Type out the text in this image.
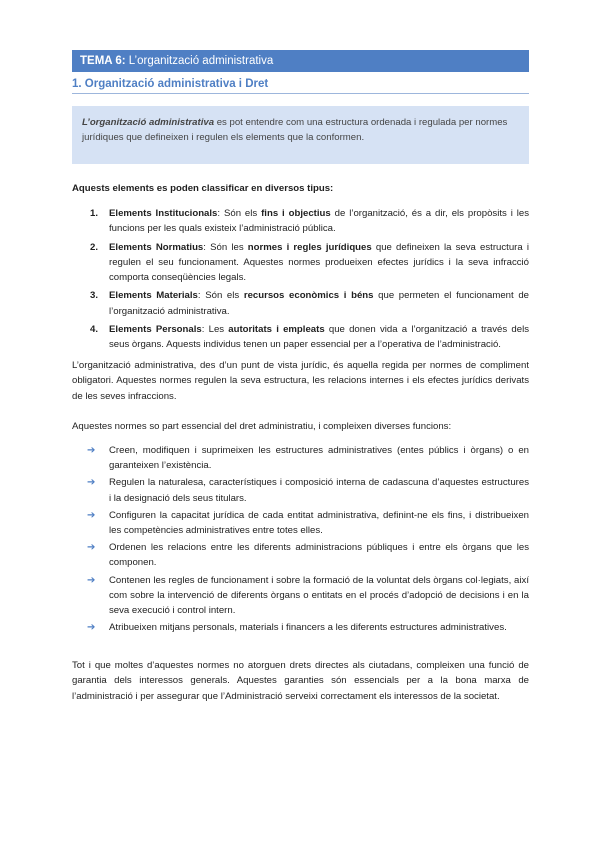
TEMA 6: L’organització administrativa
1. Organització administrativa i Dret
L’organització administrativa es pot entendre com una estructura ordenada i regulada per normes jurídiques que defineixen i regulen els elements que la conformen.
Aquests elements es poden classificar en diversos tipus:
1. Elements Institucionals: Són els fins i objectius de l’organització, és a dir, els propòsits i les funcions per les quals existeix l’administració pública.
2. Elements Normatius: Són les normes i regles jurídiques que defineixen la seva estructura i regulen el seu funcionament. Aquestes normes produeixen efectes jurídics i la seva infracció comporta conseqüències legals.
3. Elements Materials: Són els recursos econòmics i béns que permeten el funcionament de l’organització administrativa.
4. Elements Personals: Les autoritats i empleats que donen vida a l’organització a través dels seus òrgans. Aquests individus tenen un paper essencial per a l’operativa de l’administració.

L’organització administrativa, des d’un punt de vista jurídic, és aquella regida per normes de compliment obligatori. Aquestes normes regulen la seva estructura, les relacions internes i els efectes jurídics derivats de les seves infraccions.

Aquestes normes so part essencial del dret administratiu, i compleixen diverses funcions:

➔ Creen, modifiquen i suprimeixen les estructures administratives (entes públics i òrgans) o en garanteixen l’existència.
➔ Regulen la naturalesa, característiques i composició interna de cadascuna d’aquestes estructures i la designació dels seus titulars.
➔ Configuren la capacitat jurídica de cada entitat administrativa, definint-ne els fins, i distribueixen les competències administratives entre totes elles.
➔ Ordenen les relacions entre les diferents administracions públiques i entre els òrgans que les componen.
➔ Contenen les regles de funcionament i sobre la formació de la voluntat dels òrgans col·legiats, així com sobre la intervenció de diferents òrgans o entitats en el procés d’adopció de decisions i en la seva execució i control intern.
➔ Atribueixen mitjans personals, materials i financers a les diferents estructures administratives.

Tot i que moltes d’aquestes normes no atorguen drets directes als ciutadans, compleixen una funció de garantia dels interessos generals. Aquestes garanties són essencials per a la bona marxa de l’administració i per assegurar que l’Administració serveixi correctament els interessos de la societat.
